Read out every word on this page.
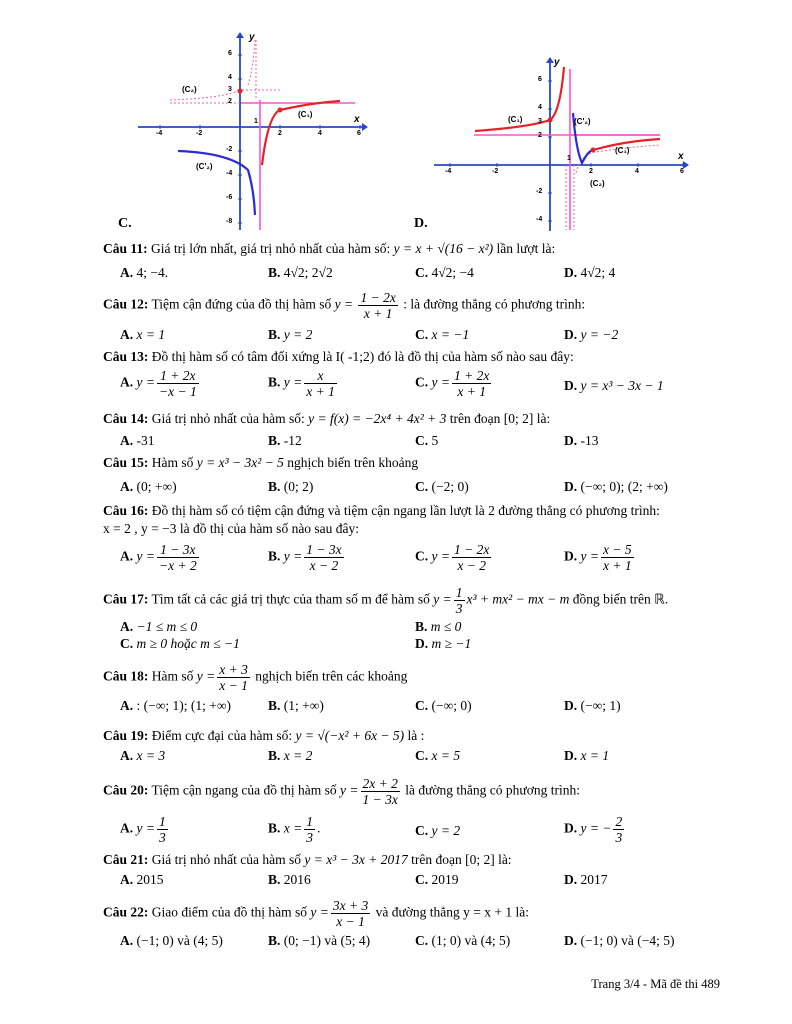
y
x
(C₂)
(C₁)
(C'₂)
6
4
3
2
-2
-4
-6
-8
-4	-2
1
2	4	6
C.
y
x
(C₁)	(C'₂)
(C₁)
(C₂)
6
4
3
2
-2
-4
-4	-2
1
2	4	6
D.
Câu 11: Giá trị lớn nhất, giá trị nhỏ nhất của hàm số: y = x + √(16 − x²) lần lượt là:
A. 4; −4.	B. 4√2; 2√2	C. 4√2; −4	D. 4√2; 4
Câu 12: Tiệm cận đứng của đồ thị hàm số $y = \frac{1 - 2x}{x + 1}$ : là đường thẳng có phương trình:
A. x = 1	B. y = 2	C. x = −1	D. y = −2
Câu 13: Đồ thị hàm số có tâm đối xứng là I( -1;2) đó là đồ thị của hàm số nào sau đây:
A. $y = \frac{1 + 2x}{-x - 1}$	B. $y = \frac{x}{x + 1}$	C. $y = \frac{1 + 2x}{x + 1}$	D. y = x³ − 3x − 1
Câu 14: Giá trị nhỏ nhất của hàm số: y = f(x) = −2x⁴ + 4x² + 3 trên đoạn [0; 2] là:
A. -31	B. -12	C. 5	D. -13
Câu 15: Hàm số y = x³ − 3x² − 5 nghịch biến trên khoảng
A. (0; +∞)	B. (0; 2)	C. (−2; 0)	D. (−∞; 0); (2; +∞)
Câu 16: Đồ thị hàm số có tiệm cận đứng và tiệm cận ngang lần lượt là 2 đường thẳng có phương trình:
x = 2 , y = −3 là đồ thị của hàm số nào sau đây:
A. $y = \frac{1 - 3x}{-x + 2}$	B. $y = \frac{1 - 3x}{x - 2}$	C. $y = \frac{1 - 2x}{x - 2}$	D. $y = \frac{x - 5}{x + 1}$
Câu 17: Tìm tất cả các giá trị thực của tham số m để hàm số $y = \frac{1}{3} x^3 + mx^2$ − mx − m đồng biến trên ℝ.
A. −1 ≤ m ≤ 0	B. m ≤ 0
C. m ≥ 0 hoặc m ≤ −1	D. m ≥ −1
Câu 18: Hàm số $y = \frac{x + 3}{x - 1}$ nghịch biến trên các khoảng
A. : (−∞; 1); (1; +∞)	B. (1; +∞)	C. (−∞; 0)	D. (−∞; 1)
Câu 19: Điểm cực đại của hàm số: y = √(−x² + 6x − 5) là :
A. x = 3	B. x = 2	C. x = 5	D. x = 1
Câu 20: Tiệm cận ngang của đồ thị hàm số $y = \frac{2x + 2}{1 - 3x}$ là đường thẳng có phương trình:
A. $y = \frac{1}{3}$	B. $x = \frac{1}{3}$ .	C. y = 2	D. y = − $\frac{2}{3}$
Câu 21: Giá trị nhỏ nhất của hàm số y = x³ − 3x + 2017 trên đoạn [0; 2] là:
A. 2015	B. 2016	C. 2019	D. 2017
Câu 22: Giao điểm của đồ thị hàm số $y = \frac{3x + 3}{x - 1}$ và đường thẳng y = x + 1 là:
A. (−1; 0) và (4; 5)	B. (0; −1) và (5; 4)	C. (1; 0) và (4; 5)	D. (−1; 0) và (−4; 5)
Trang 3/4 - Mã đề thi 489
